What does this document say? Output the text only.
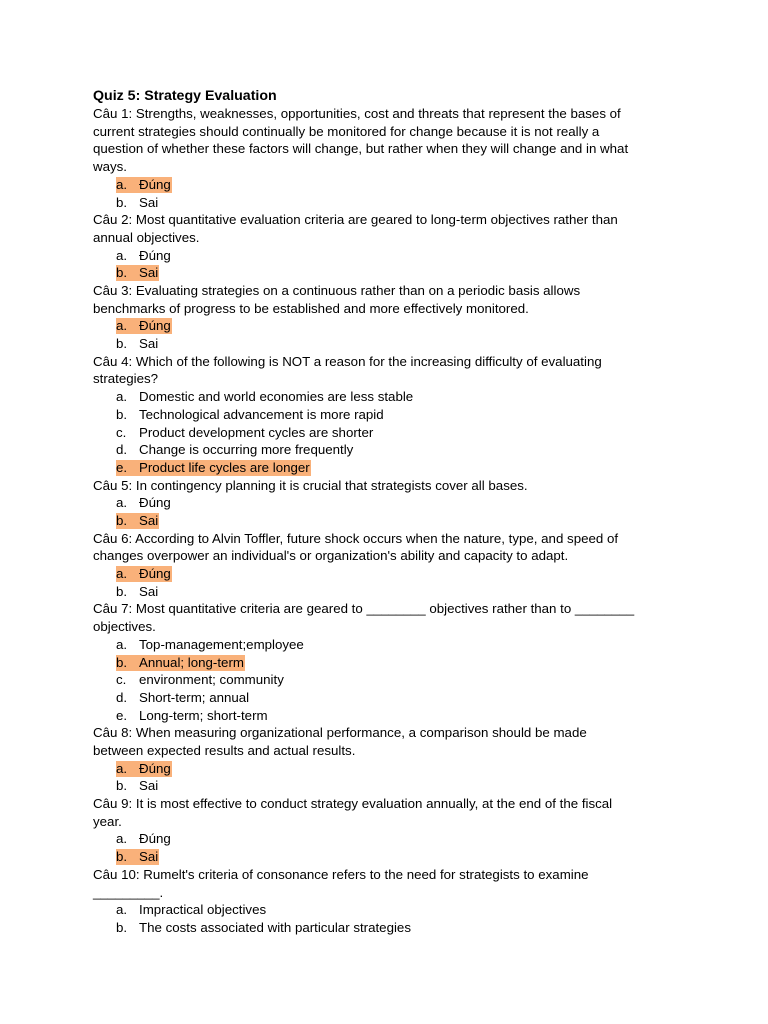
Quiz 5: Strategy Evaluation
Câu 1: Strengths, weaknesses, opportunities, cost and threats that represent the bases of
current strategies should continually be monitored for change because it is not really a
question of whether these factors will change, but rather when they will change and in what
ways.
a. Đúng
b. Sai
Câu 2: Most quantitative evaluation criteria are geared to long-term objectives rather than
annual objectives.
a. Đúng
b. Sai
Câu 3: Evaluating strategies on a continuous rather than on a periodic basis allows
benchmarks of progress to be established and more effectively monitored.
a. Đúng
b. Sai
Câu 4: Which of the following is NOT a reason for the increasing difficulty of evaluating
strategies?
a. Domestic and world economies are less stable
b. Technological advancement is more rapid
c. Product development cycles are shorter
d. Change is occurring more frequently
e. Product life cycles are longer
Câu 5: In contingency planning it is crucial that strategists cover all bases.
a. Đúng
b. Sai
Câu 6: According to Alvin Toffler, future shock occurs when the nature, type, and speed of
changes overpower an individual's or organization's ability and capacity to adapt.
a. Đúng
b. Sai
Câu 7: Most quantitative criteria are geared to ________ objectives rather than to ________
objectives.
a. Top-management;employee
b. Annual; long-term
c. environment; community
d. Short-term; annual
e. Long-term; short-term
Câu 8: When measuring organizational performance, a comparison should be made
between expected results and actual results.
a. Đúng
b. Sai
Câu 9: It is most effective to conduct strategy evaluation annually, at the end of the fiscal
year.
a. Đúng
b. Sai
Câu 10: Rumelt's criteria of consonance refers to the need for strategists to examine
_________.
a. Impractical objectives
b. The costs associated with particular strategies
